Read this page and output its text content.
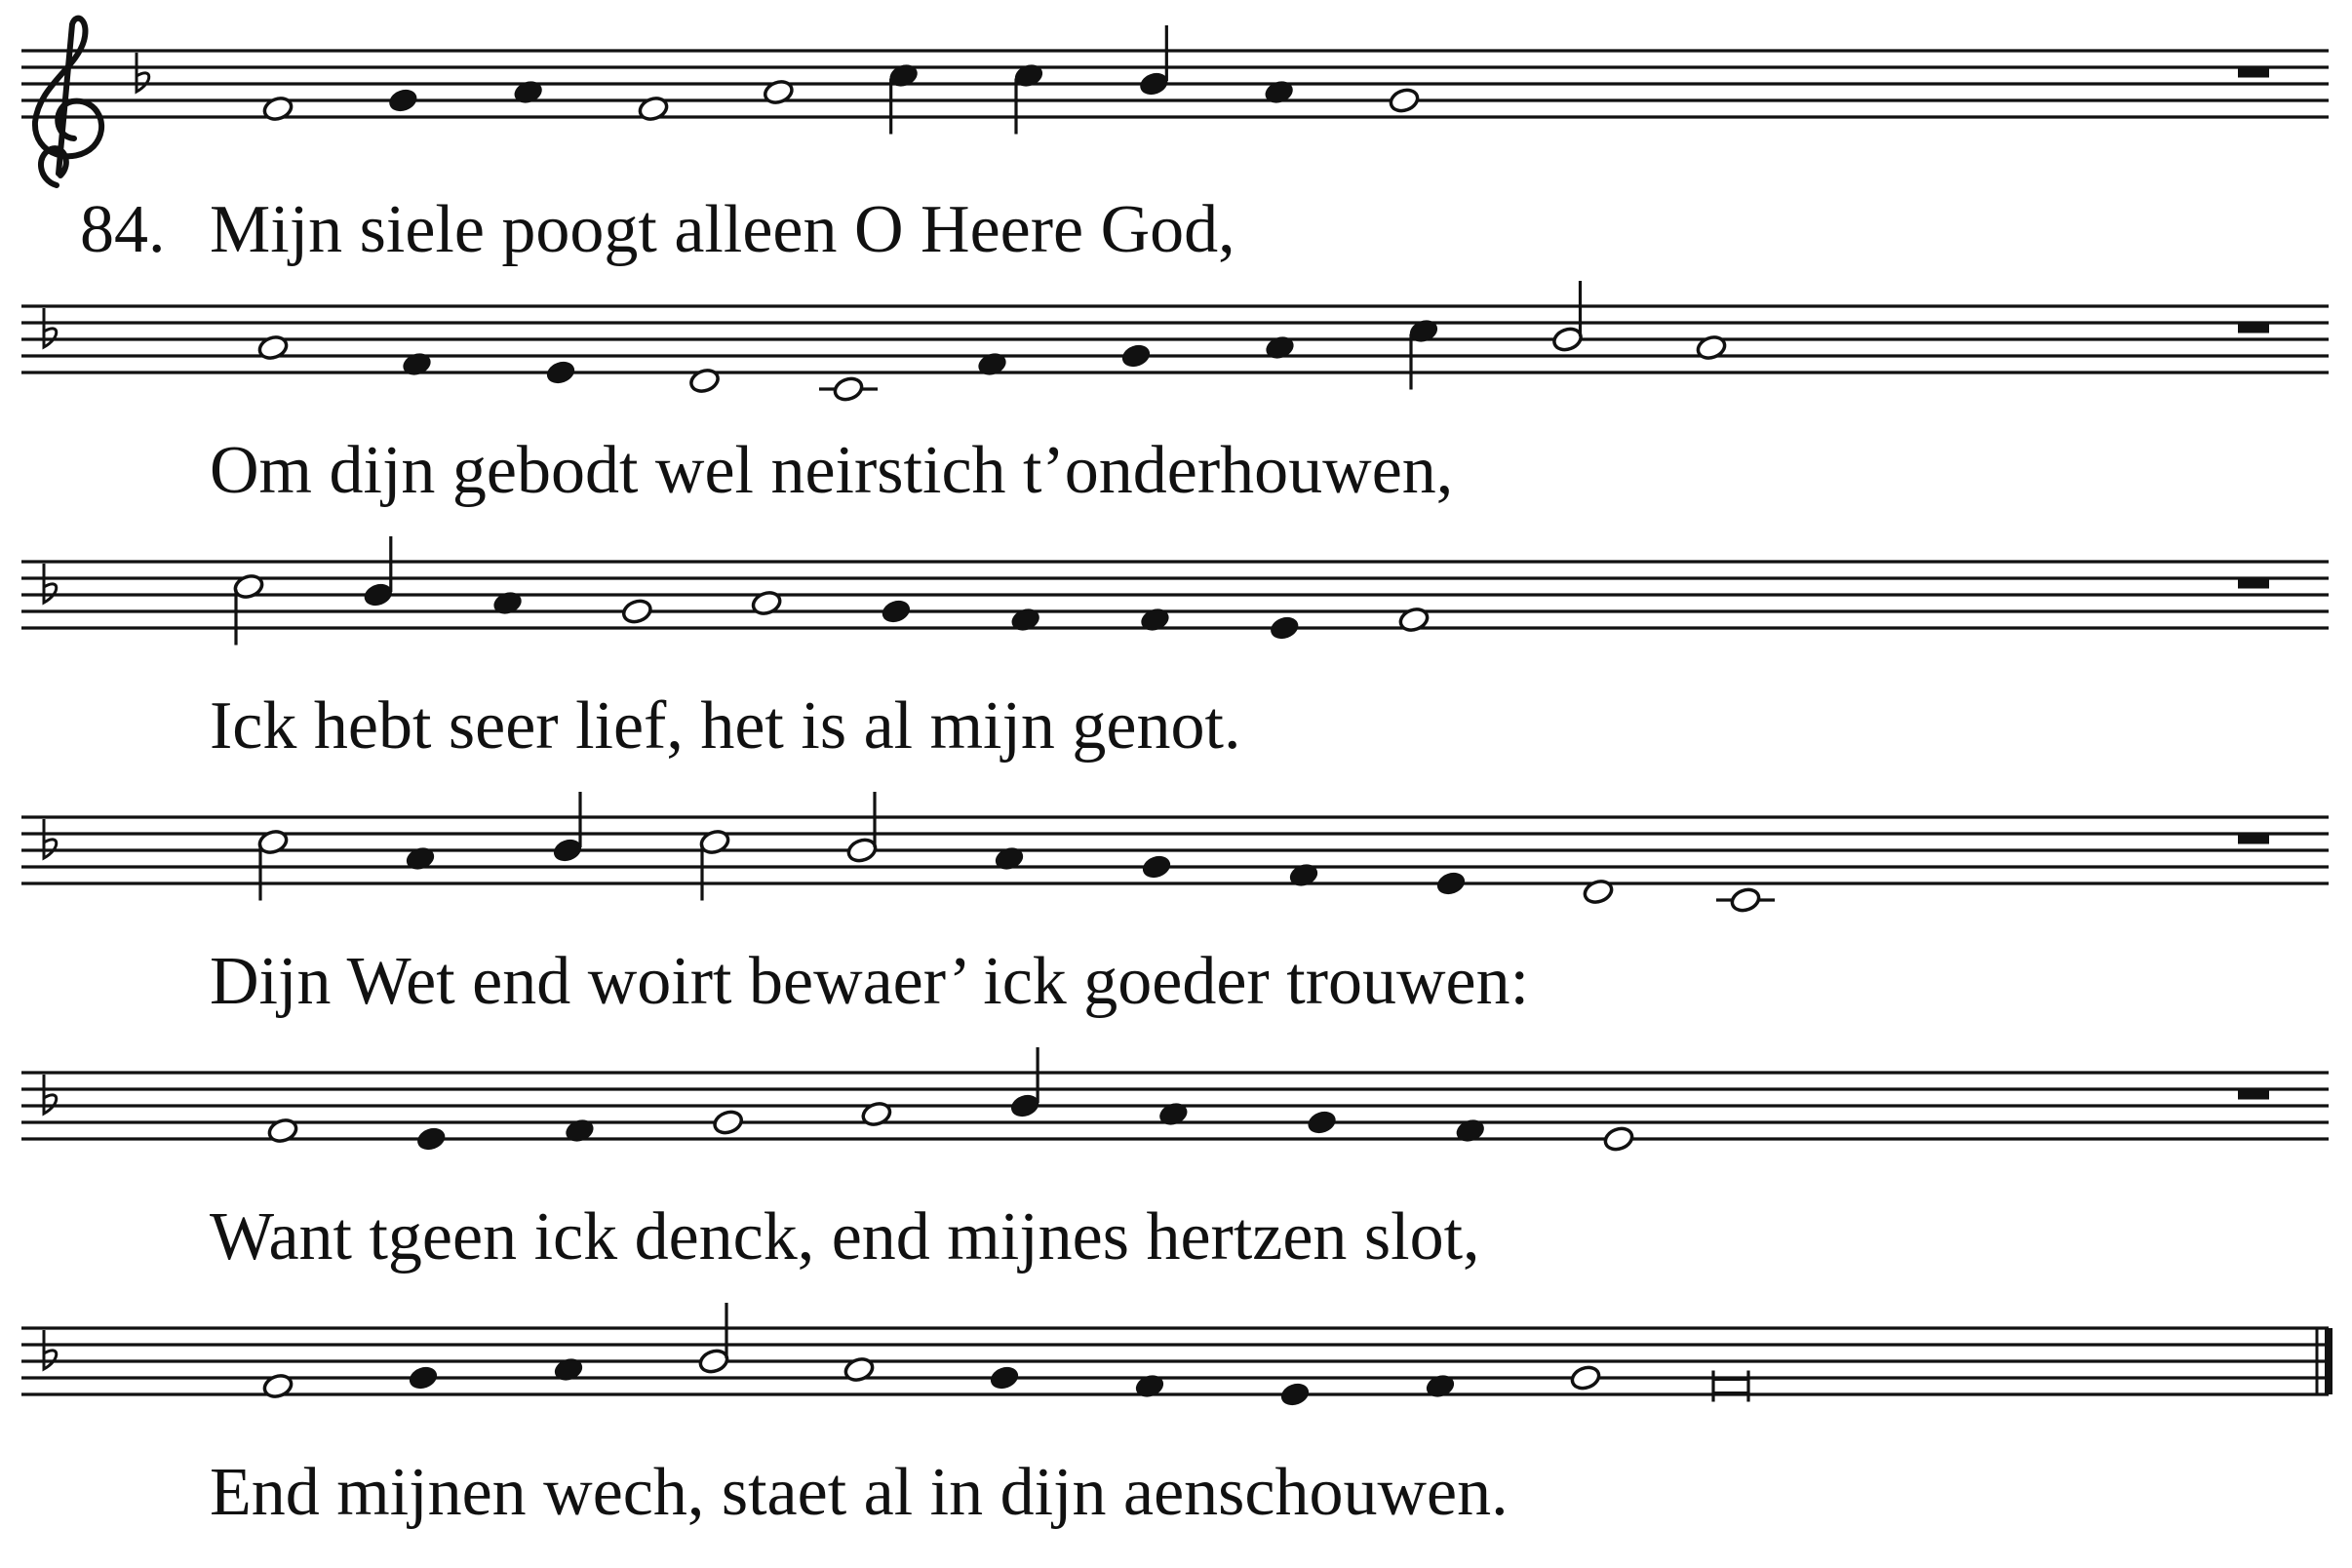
84. Mijn siele poogt alleen O Heere God,
Om dijn gebodt wel neirstich t’onderhouwen,
Ick hebt seer lief, het is al mijn genot.
Dijn Wet end woirt bewaer’ ick goeder trouwen:
Want tgeen ick denck, end mijnes hertzen slot,
End mijnen wech, staet al in dijn aenschouwen.
